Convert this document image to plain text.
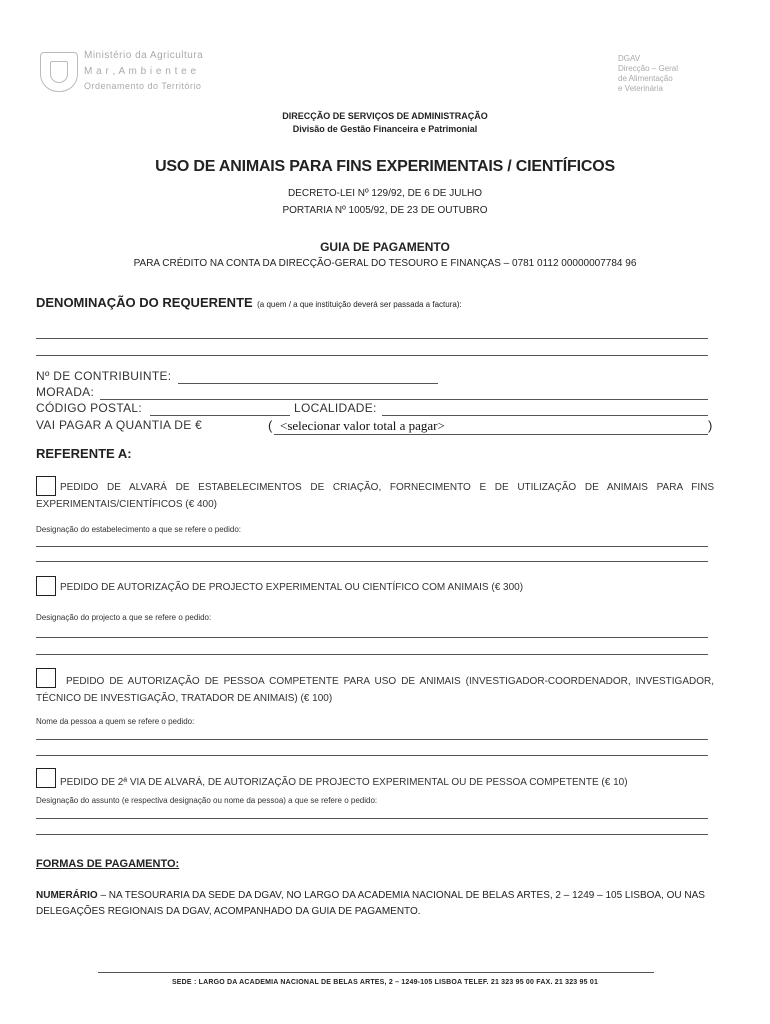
Ministério da Agricultura
M a r , A m b i e n t e e
Ordenamento do Território
DGAV
Direcção – Geral
de Alimentação
e Veterinária
DIRECÇÃO DE SERVIÇOS DE ADMINISTRAÇÃO
Divisão de Gestão Financeira e Patrimonial
USO DE ANIMAIS PARA FINS EXPERIMENTAIS / CIENTÍFICOS
DECRETO-LEI Nº 129/92, DE 6 DE JULHO
PORTARIA Nº 1005/92, DE 23 DE OUTUBRO
GUIA DE PAGAMENTO
PARA CRÉDITO NA CONTA DA DIRECÇÃO-GERAL DO TESOURO E FINANÇAS – 0781 0112 00000007784 96
DENOMINAÇÃO DO REQUERENTE (a quem / a que instituição deverá ser passada a factura):
Nº DE CONTRIBUINTE:
MORADA:
CÓDIGO POSTAL:	LOCALIDADE:
VAI PAGAR A QUANTIA DE €	( <selecionar valor total a pagar>	)
REFERENTE A:
PEDIDO DE ALVARÁ DE ESTABELECIMENTOS DE CRIAÇÃO, FORNECIMENTO E DE UTILIZAÇÃO DE ANIMAIS PARA FINS EXPERIMENTAIS/CIENTÍFICOS (€ 400)
Designação do estabelecimento a que se refere o pedido:
PEDIDO DE AUTORIZAÇÃO DE PROJECTO EXPERIMENTAL OU CIENTÍFICO COM ANIMAIS (€ 300)
Designação do projecto a que se refere o pedido:
PEDIDO DE AUTORIZAÇÃO DE PESSOA COMPETENTE PARA USO DE ANIMAIS (INVESTIGADOR-COORDENADOR, INVESTIGADOR, TÉCNICO DE INVESTIGAÇÃO, TRATADOR DE ANIMAIS) (€ 100)
Nome da pessoa a quem se refere o pedido:
PEDIDO DE 2ª VIA DE ALVARÁ, DE AUTORIZAÇÃO DE PROJECTO EXPERIMENTAL OU DE PESSOA COMPETENTE (€ 10)
Designação do assunto (e respectiva designação ou nome da pessoa) a que se refere o pedido:
FORMAS DE PAGAMENTO:
NUMERÁRIO – NA TESOURARIA DA SEDE DA DGAV, NO LARGO DA ACADEMIA NACIONAL DE BELAS ARTES, 2 – 1249 – 105 LISBOA, OU NAS DELEGAÇÕES REGIONAIS DA DGAV, ACOMPANHADO DA GUIA DE PAGAMENTO.
SEDE : LARGO DA ACADEMIA NACIONAL DE BELAS ARTES, 2 – 1249-105 LISBOA TELEF. 21 323 95 00 FAX. 21 323 95 01
